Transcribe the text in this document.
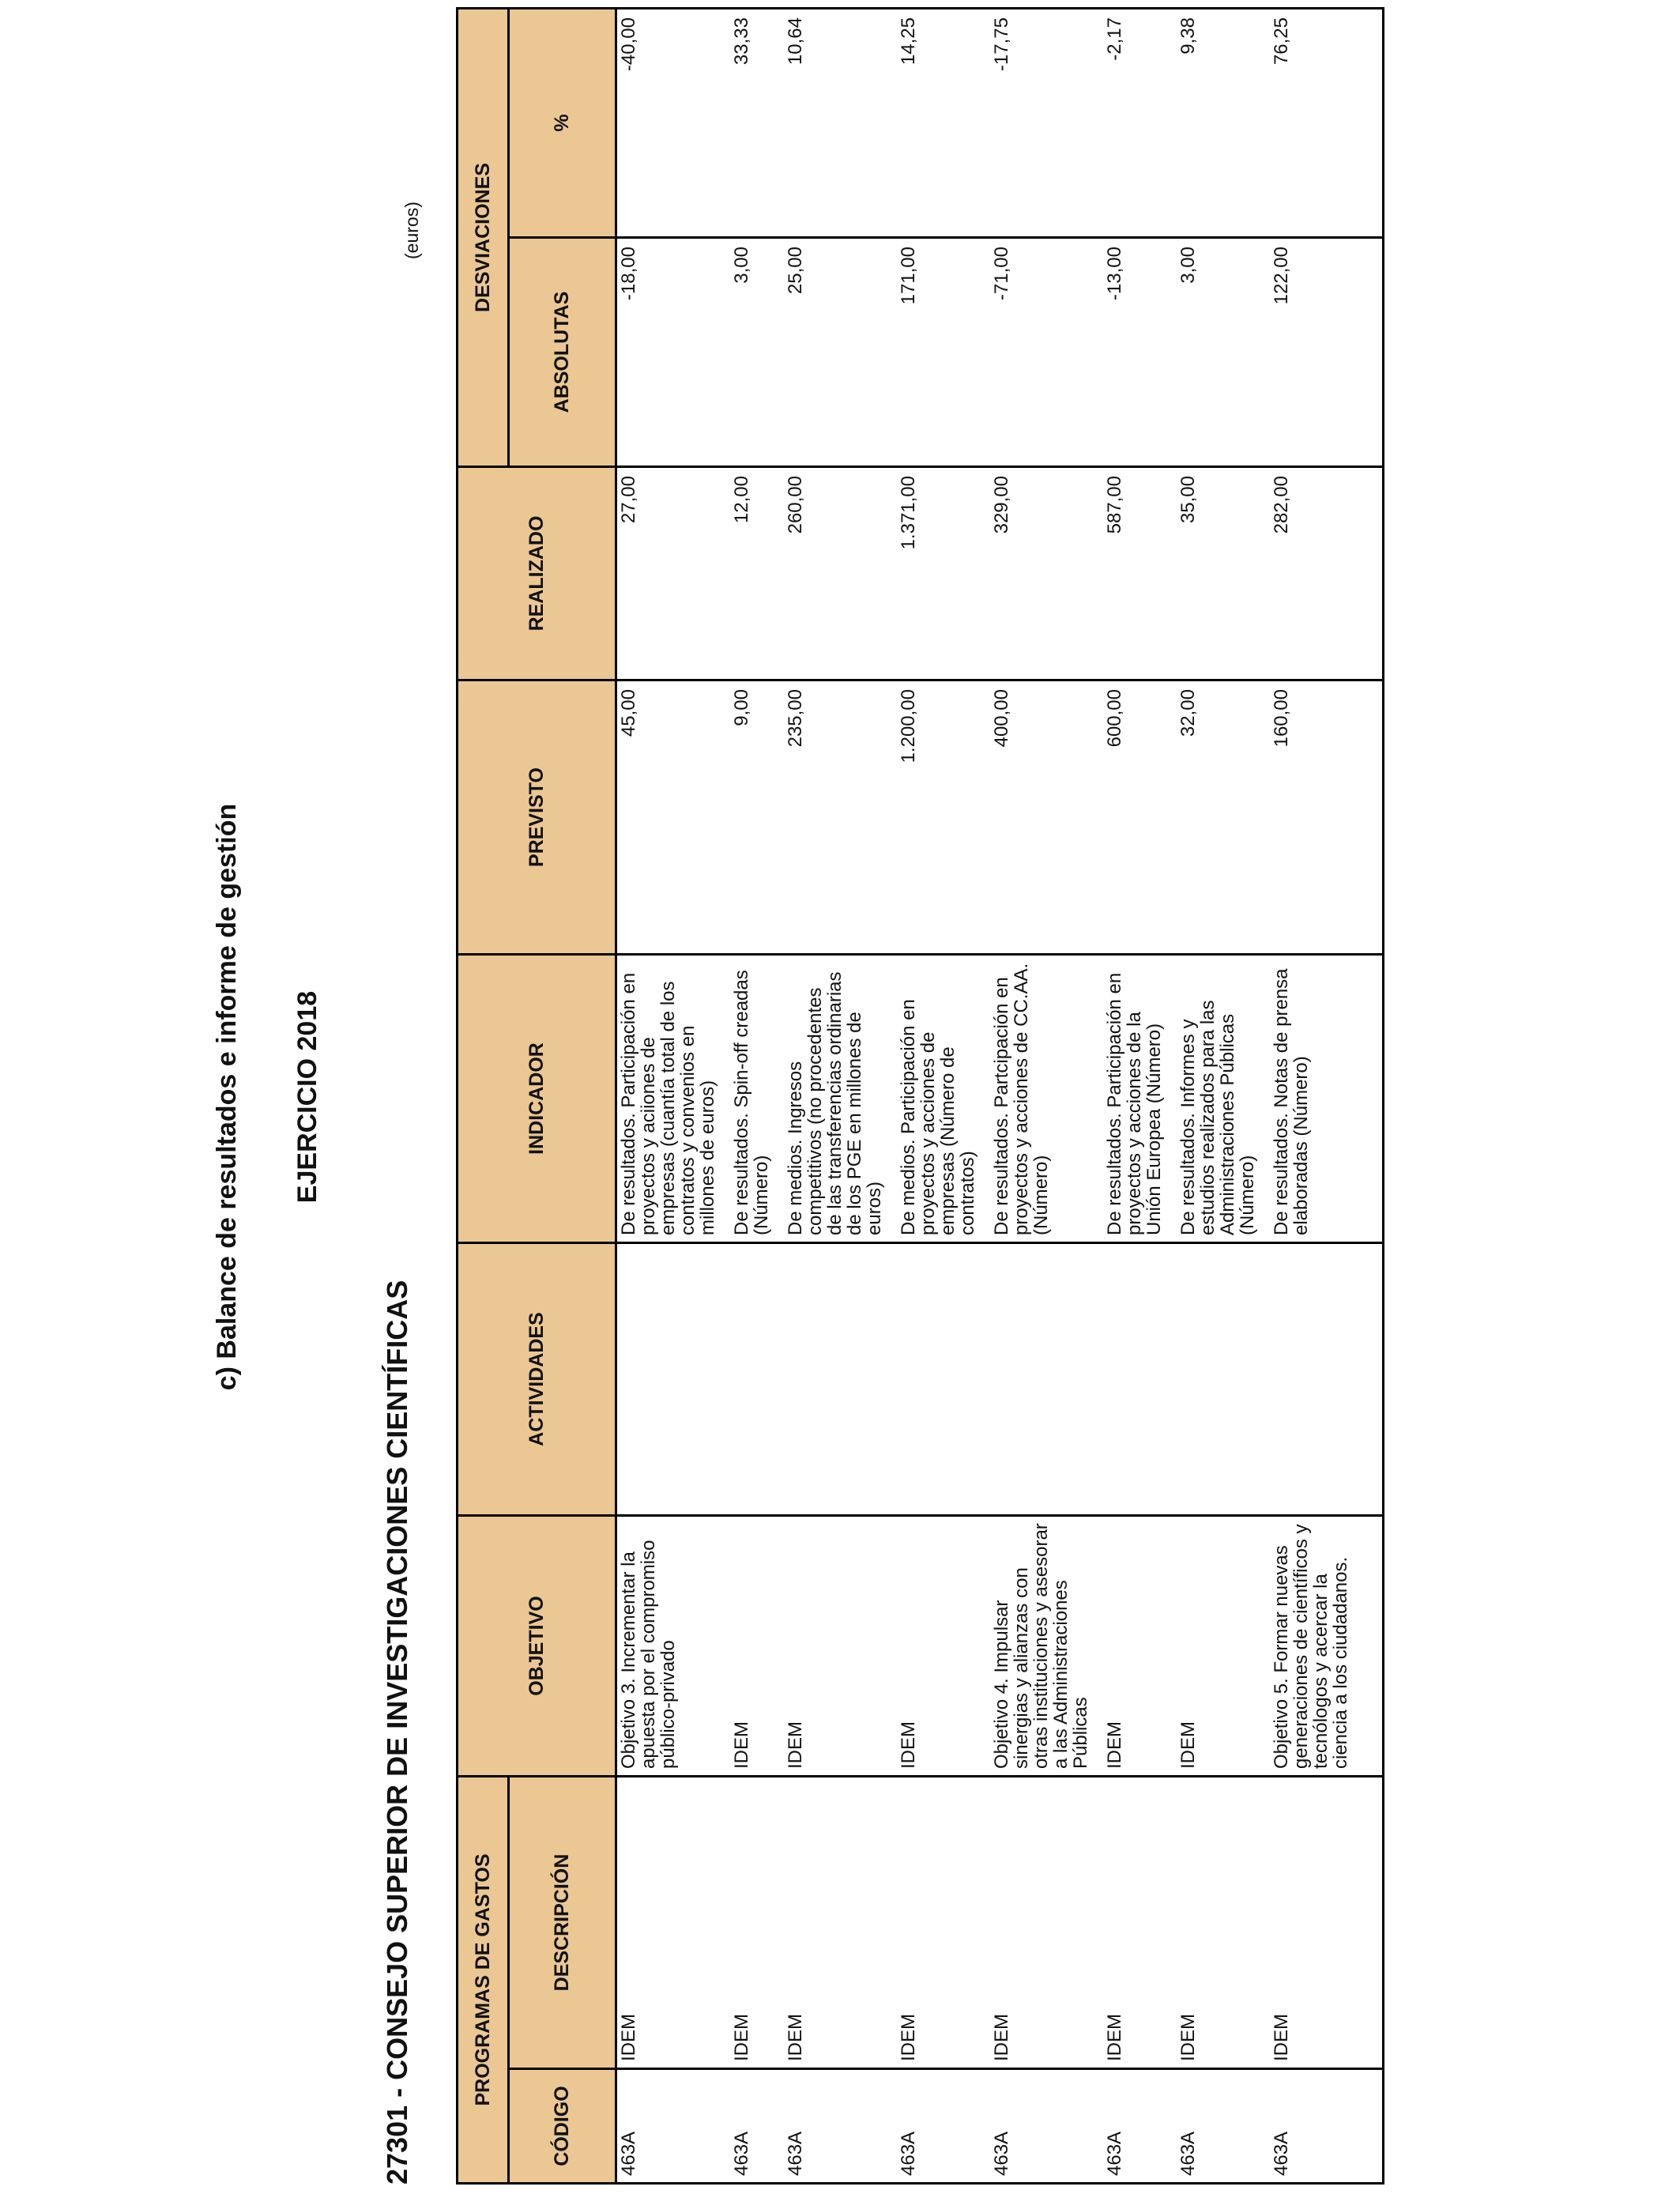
c) Balance de resultados e informe de gestión EJERCICIO 2018
27301 - CONSEJO SUPERIOR DE INVESTIGACIONES CIENTÍFICAS
(euros)
PROGRAMAS DE GASTOS		OBJETIVO	ACTIVIDADES	INDICADOR	PREVISTO	REALIZADO	DESVIACIONES	
CÓDIGO	DESCRIPCIÓN						ABSOLUTAS	%
463A	IDEM	Objetivo 3. Incrementar la apuesta por el compromiso público-privado		De resultados. Participación en proyectos y aciiones de empresas (cuantía total de los contratos y convenios en millones de euros)	45,00	27,00	-18,00	-40,00
463A	IDEM	IDEM		De resultados. Spin-off creadas (Número)	9,00	12,00	3,00	33,33
463A	IDEM	IDEM		De medios. Ingresos competitivos (no procedentes de las transferencias ordinarias de los PGE en millones de euros)	235,00	260,00	25,00	10,64
463A	IDEM	IDEM		De medios. Participación en proyectos y acciones de empresas (Número de contratos)	1.200,00	1.371,00	171,00	14,25
463A	IDEM	Objetivo 4. Impulsar sinergias y alianzas con otras instituciones y asesorar a las Administraciones Públicas		De resultados. Partcipación en proyectos y acciones de CC.AA. (Número)	400,00	329,00	-71,00	-17,75
463A	IDEM	IDEM		De resultados. Participación en proyectos y acciones de la Unión Europea (Número)	600,00	587,00	-13,00	-2,17
463A	IDEM	IDEM		De resultados. Informes y estudios realizados para las Administraciones Públicas (Número)	32,00	35,00	3,00	9,38
463A	IDEM	Objetivo 5. Formar nuevas generaciones de científicos y tecnólogos y acercar la ciencia a los ciudadanos.		De resultados. Notas de prensa elaboradas (Número)	160,00	282,00	122,00	76,25
